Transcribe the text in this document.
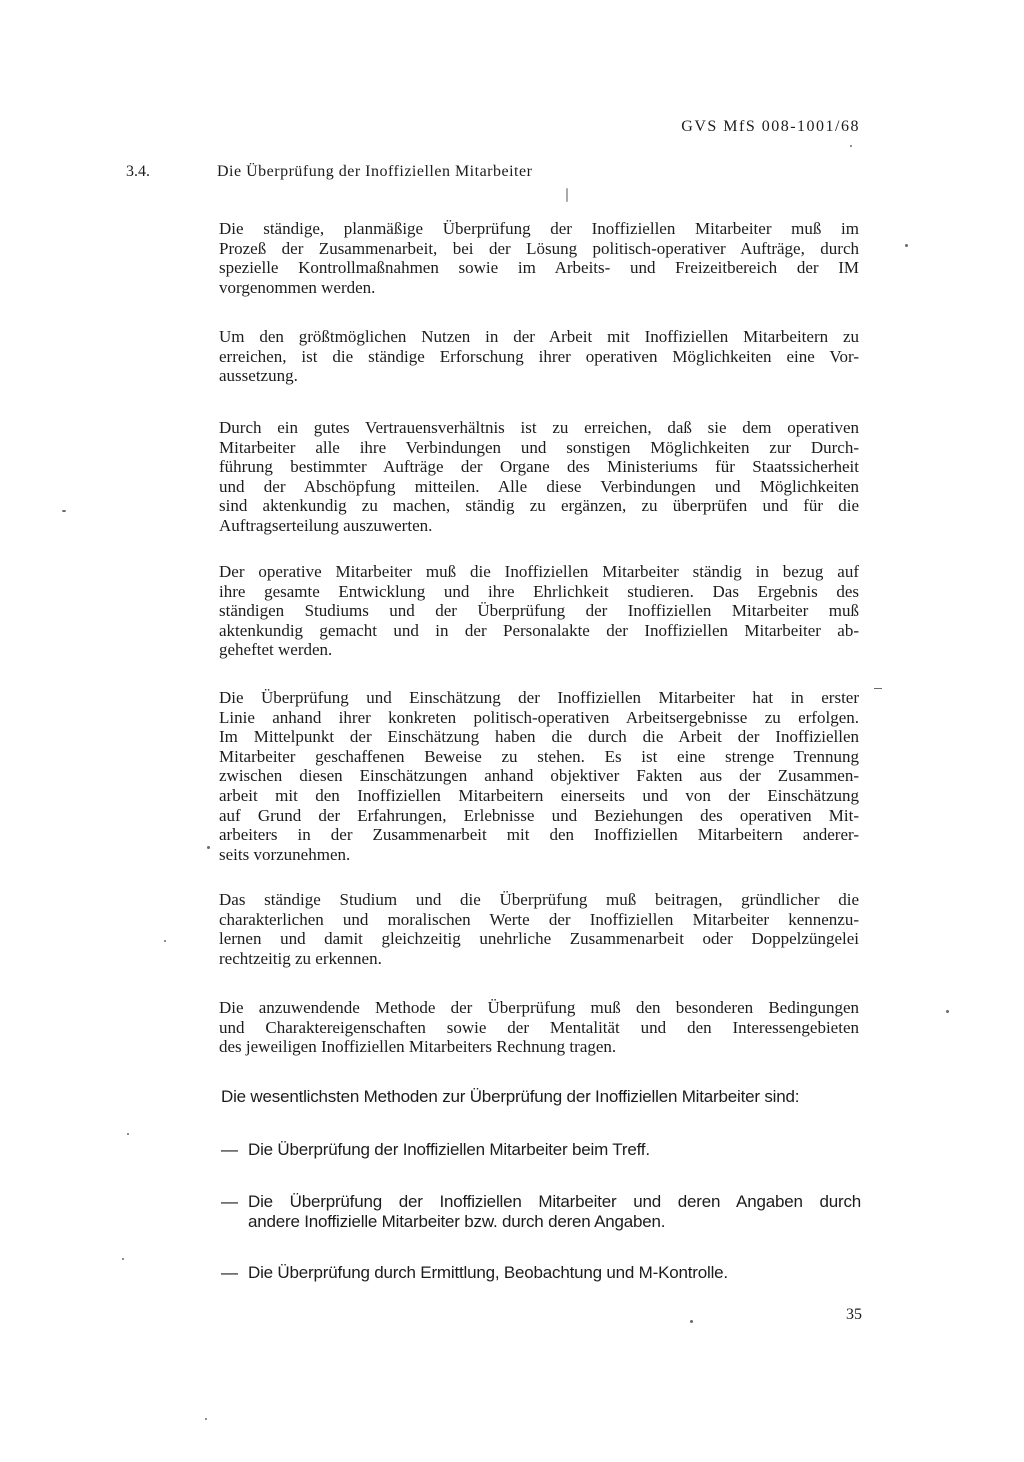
GVS MfS 008-1001/68
3.4.	Die Überprüfung der Inoffiziellen Mitarbeiter
Die ständige, planmäßige Überprüfung der Inoffiziellen Mitarbeiter muß im
Prozeß der Zusammenarbeit, bei der Lösung politisch-operativer Aufträge, durch
spezielle Kontrollmaßnahmen sowie im Arbeits- und Freizeitbereich der IM
vorgenommen werden.
Um den größtmöglichen Nutzen in der Arbeit mit Inoffiziellen Mitarbeitern zu
erreichen, ist die ständige Erforschung ihrer operativen Möglichkeiten eine Vor-
aussetzung.
Durch ein gutes Vertrauensverhältnis ist zu erreichen, daß sie dem operativen
Mitarbeiter alle ihre Verbindungen und sonstigen Möglichkeiten zur Durch-
führung bestimmter Aufträge der Organe des Ministeriums für Staatssicherheit
und der Abschöpfung mitteilen. Alle diese Verbindungen und Möglichkeiten
sind aktenkundig zu machen, ständig zu ergänzen, zu überprüfen und für die
Auftragserteilung auszuwerten.
Der operative Mitarbeiter muß die Inoffiziellen Mitarbeiter ständig in bezug auf
ihre gesamte Entwicklung und ihre Ehrlichkeit studieren. Das Ergebnis des
ständigen Studiums und der Überprüfung der Inoffiziellen Mitarbeiter muß
aktenkundig gemacht und in der Personalakte der Inoffiziellen Mitarbeiter ab-
geheftet werden.
Die Überprüfung und Einschätzung der Inoffiziellen Mitarbeiter hat in erster
Linie anhand ihrer konkreten politisch-operativen Arbeitsergebnisse zu erfolgen.
Im Mittelpunkt der Einschätzung haben die durch die Arbeit der Inoffiziellen
Mitarbeiter geschaffenen Beweise zu stehen. Es ist eine strenge Trennung
zwischen diesen Einschätzungen anhand objektiver Fakten aus der Zusammen-
arbeit mit den Inoffiziellen Mitarbeitern einerseits und von der Einschätzung
auf Grund der Erfahrungen, Erlebnisse und Beziehungen des operativen Mit-
arbeiters in der Zusammenarbeit mit den Inoffiziellen Mitarbeitern anderer-
seits vorzunehmen.
Das ständige Studium und die Überprüfung muß beitragen, gründlicher die
charakterlichen und moralischen Werte der Inoffiziellen Mitarbeiter kennenzu-
lernen und damit gleichzeitig unehrliche Zusammenarbeit oder Doppelzüngelei
rechtzeitig zu erkennen.
Die anzuwendende Methode der Überprüfung muß den besonderen Bedingungen
und Charaktereigenschaften sowie der Mentalität und den Interessengebieten
des jeweiligen Inoffiziellen Mitarbeiters Rechnung tragen.
Die wesentlichsten Methoden zur Überprüfung der Inoffiziellen Mitarbeiter sind:
— Die Überprüfung der Inoffiziellen Mitarbeiter beim Treff.
— Die Überprüfung der Inoffiziellen Mitarbeiter und deren Angaben durch
andere Inoffizielle Mitarbeiter bzw. durch deren Angaben.
— Die Überprüfung durch Ermittlung, Beobachtung und M-Kontrolle.
35
